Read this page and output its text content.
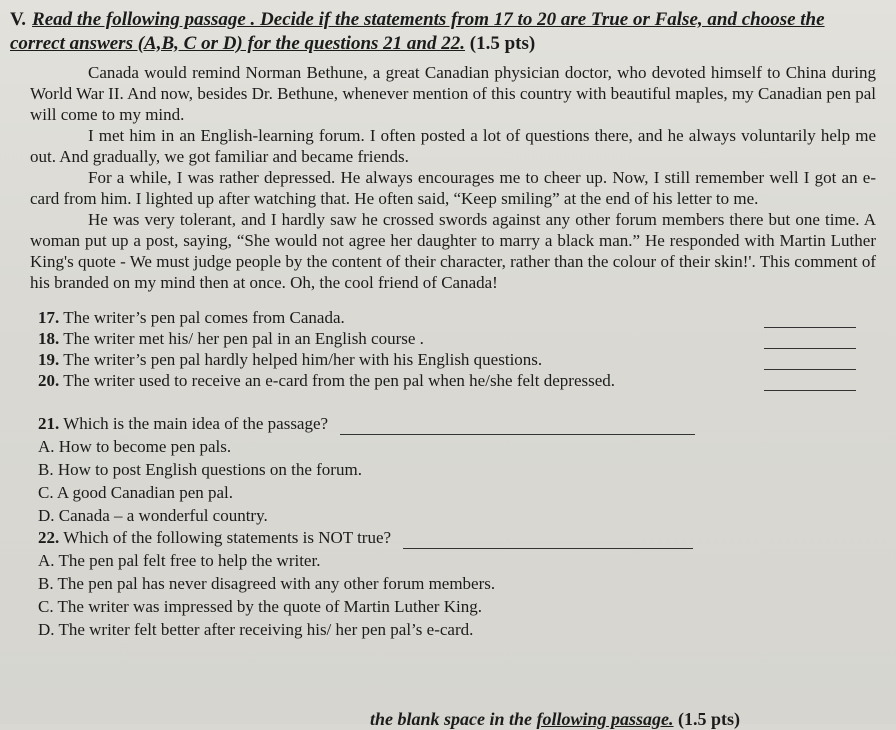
V. Read the following passage . Decide if the statements from 17 to 20 are True or False, and choose the correct answers (A,B, C or D) for the questions 21 and 22. (1.5 pts)

Canada would remind Norman Bethune, a great Canadian physician doctor, who devoted himself to China during World War II. And now, besides Dr. Bethune, whenever mention of this country with beautiful maples, my Canadian pen pal will come to my mind.

I met him in an English-learning forum. I often posted a lot of questions there, and he always voluntarily help me out. And gradually, we got familiar and became friends.

For a while, I was rather depressed. He always encourages me to cheer up. Now, I still remember well I got an e-card from him. I lighted up after watching that. He often said, “Keep smiling” at the end of his letter to me.

He was very tolerant, and I hardly saw he crossed swords against any other forum members there but one time. A woman put up a post, saying, “She would not agree her daughter to marry a black man.” He responded with Martin Luther King's quote - We must judge people by the content of their character, rather than the colour of their skin!'. This comment of his branded on my mind then at once. Oh, the cool friend of Canada!

17. The writer’s pen pal comes from Canada.
18. The writer met his/ her pen pal in an English course .
19. The writer’s pen pal hardly helped him/her with his English questions.
20. The writer used to receive an e-card from the pen pal when he/she felt depressed.
21. Which is the main idea of the passage?
A. How to become pen pals.
B. How to post English questions on the forum.
C. A good Canadian pen pal.
D. Canada – a wonderful country.
22. Which of the following statements is NOT true?
A. The pen pal felt free to help the writer.
B. The pen pal has never disagreed with any other forum members.
C. The writer was impressed by the quote of Martin Luther King.
D. The writer felt better after receiving his/ her pen pal’s e-card.
the blank space in the following passage. (1.5 pts)
